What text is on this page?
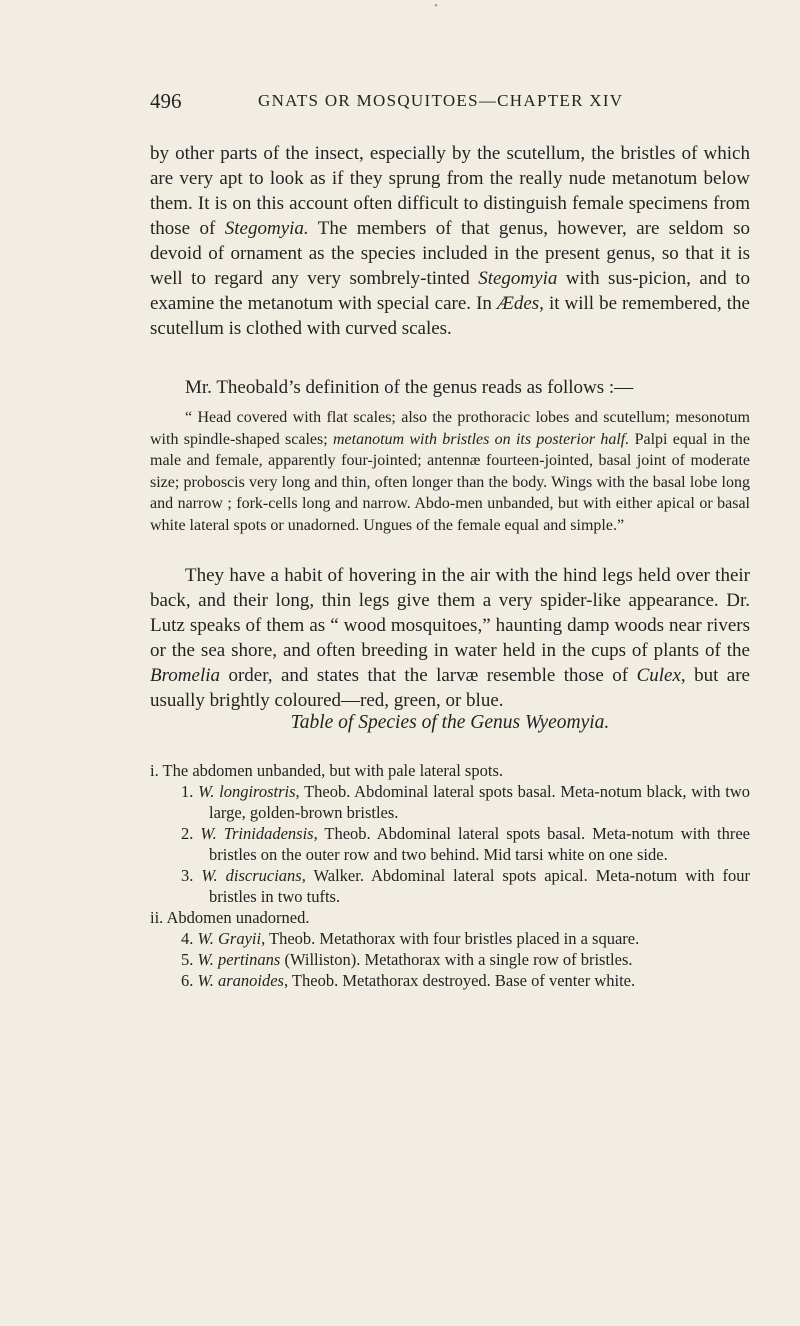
•
496	GNATS OR MOSQUITOES—CHAPTER XIV

by other parts of the insect, especially by the scutellum, the bristles of which are very apt to look as if they sprung from the really nude metanotum below them. It is on this account often difficult to distinguish female specimens from those of Stegomyia. The members of that genus, however, are seldom so devoid of ornament as the species included in the present genus, so that it is well to regard any very sombrely-tinted Stegomyia with sus-picion, and to examine the metanotum with special care. In Ædes, it will be remembered, the scutellum is clothed with curved scales.

Mr. Theobald’s definition of the genus reads as follows :—

“ Head covered with flat scales; also the prothoracic lobes and scutellum; mesonotum with spindle-shaped scales; metanotum with bristles on its posterior half. Palpi equal in the male and female, apparently four-jointed; antennæ fourteen-jointed, basal joint of moderate size; proboscis very long and thin, often longer than the body. Wings with the basal lobe long and narrow ; fork-cells long and narrow. Abdo-men unbanded, but with either apical or basal white lateral spots or unadorned. Ungues of the female equal and simple.”

They have a habit of hovering in the air with the hind legs held over their back, and their long, thin legs give them a very spider-like appearance. Dr. Lutz speaks of them as “ wood mosquitoes,” haunting damp woods near rivers or the sea shore, and often breeding in water held in the cups of plants of the Bromelia order, and states that the larvæ resemble those of Culex, but are usually brightly coloured—red, green, or blue.

Table of Species of the Genus Wyeomyia.

i. The abdomen unbanded, but with pale lateral spots.
1. W. longirostris, Theob. Abdominal lateral spots basal. Meta-notum black, with two large, golden-brown bristles.
2. W. Trinidadensis, Theob. Abdominal lateral spots basal. Meta-notum with three bristles on the outer row and two behind. Mid tarsi white on one side.
3. W. discrucians, Walker. Abdominal lateral spots apical. Meta-notum with four bristles in two tufts.
ii. Abdomen unadorned.
4. W. Grayii, Theob. Metathorax with four bristles placed in a square.
5. W. pertinans (Williston). Metathorax with a single row of bristles.
6. W. aranoides, Theob. Metathorax destroyed. Base of venter white.
